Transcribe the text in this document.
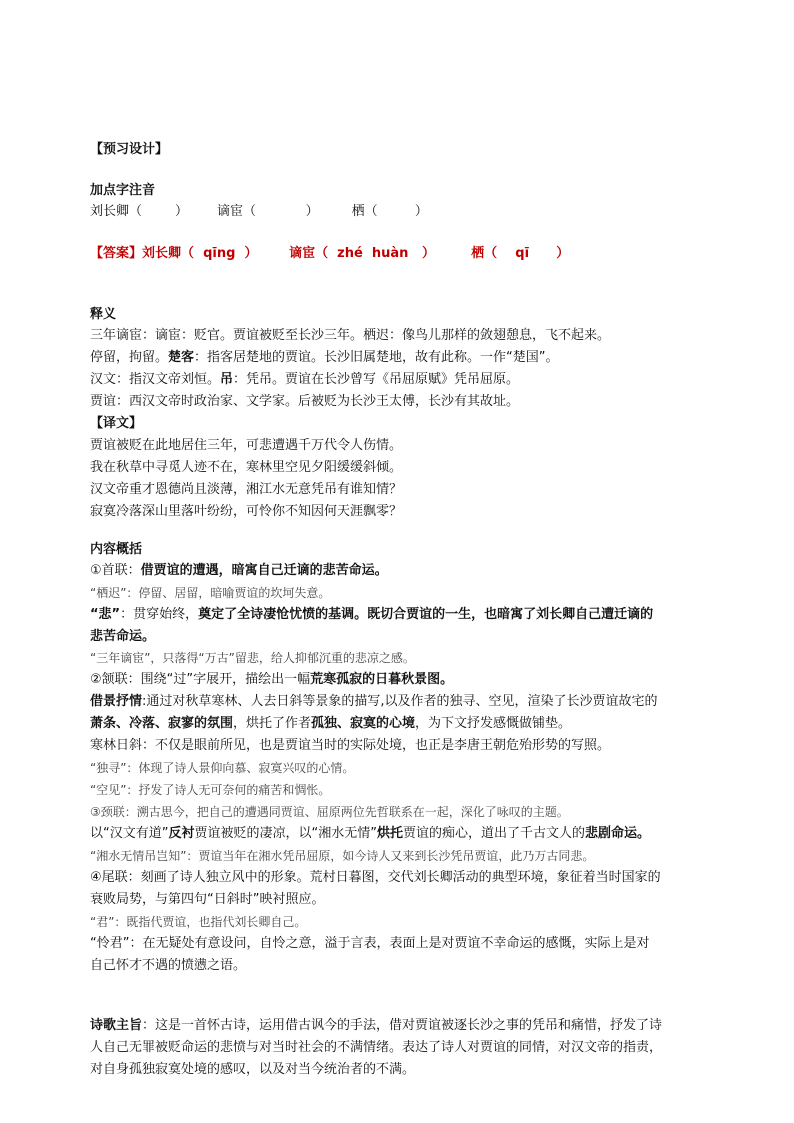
【预习设计】
加点字注音
刘长卿（        ）       谪宦（            ）        栖（         ）
【答案】刘长卿（  qīng  ）       谪宦（  zhé  huàn   ）        栖（    qī      ）
释义
三年谪宦：谪宦：贬官。贾谊被贬至长沙三年。栖迟：像鸟儿那样的敛翅憩息，飞不起来。
停留，拘留。楚客：指客居楚地的贾谊。长沙旧属楚地，故有此称。一作“楚国”。
汉文：指汉文帝刘恒。吊：凭吊。贾谊在长沙曾写《吊屈原赋》凭吊屈原。
贾谊：西汉文帝时政治家、文学家。后被贬为长沙王太傅，长沙有其故址。
【译文】
贾谊被贬在此地居住三年，可悲遭遇千万代令人伤情。
我在秋草中寻觅人迹不在，寒林里空见夕阳缓缓斜倾。
汉文帝重才恩德尚且淡薄，湘江水无意凭吊有谁知情？
寂寞冷落深山里落叶纷纷，可怜你不知因何天涯飘零？
内容概括
①首联：借贾谊的遭遇，暗寓自己迁谪的悲苦命运。
“栖迟”：停留、居留，暗喻贾谊的坎坷失意。
“悲”：贯穿始终，奠定了全诗凄怆忧愤的基调。既切合贾谊的一生，也暗寓了刘长卿自己遭迁谪的
悲苦命运。
“三年谪宦”，只落得“万古”留悲，给人抑郁沉重的悲凉之感。
②颔联：围绕“过”字展开，描绘出一幅荒寒孤寂的日暮秋景图。
借景抒情:通过对秋草寒林、人去日斜等景象的描写,以及作者的独寻、空见，渲染了长沙贾谊故宅的
萧条、冷落、寂寥的氛围，烘托了作者孤独、寂寞的心境，为下文抒发感慨做铺垫。
寒林日斜：不仅是眼前所见，也是贾谊当时的实际处境，也正是李唐王朝危殆形势的写照。
“独寻”：体现了诗人景仰向慕、寂寞兴叹的心情。
“空见”：抒发了诗人无可奈何的痛苦和惆怅。
③颈联：溯古思今，把自己的遭遇同贾谊、屈原两位先哲联系在一起，深化了咏叹的主题。
以“汉文有道”反衬贾谊被贬的凄凉，以“湘水无情”烘托贾谊的痴心，道出了千古文人的悲剧命运。
“湘水无情吊岂知”：贾谊当年在湘水凭吊屈原，如今诗人又来到长沙凭吊贾谊，此乃万古同悲。
④尾联：刻画了诗人独立风中的形象。荒村日暮图，交代刘长卿活动的典型环境，象征着当时国家的
衰败局势，与第四句“日斜时”映衬照应。
“君”：既指代贾谊，也指代刘长卿自己。
“怜君”：在无疑处有意设问，自怜之意，溢于言表，表面上是对贾谊不幸命运的感慨，实际上是对
自己怀才不遇的愤懑之语。
诗歌主旨：这是一首怀古诗，运用借古讽今的手法，借对贾谊被逐长沙之事的凭吊和痛惜，抒发了诗
人自己无罪被贬命运的悲愤与对当时社会的不满情绪。表达了诗人对贾谊的同情，对汉文帝的指责，
对自身孤独寂寞处境的感叹，以及对当今统治者的不满。
